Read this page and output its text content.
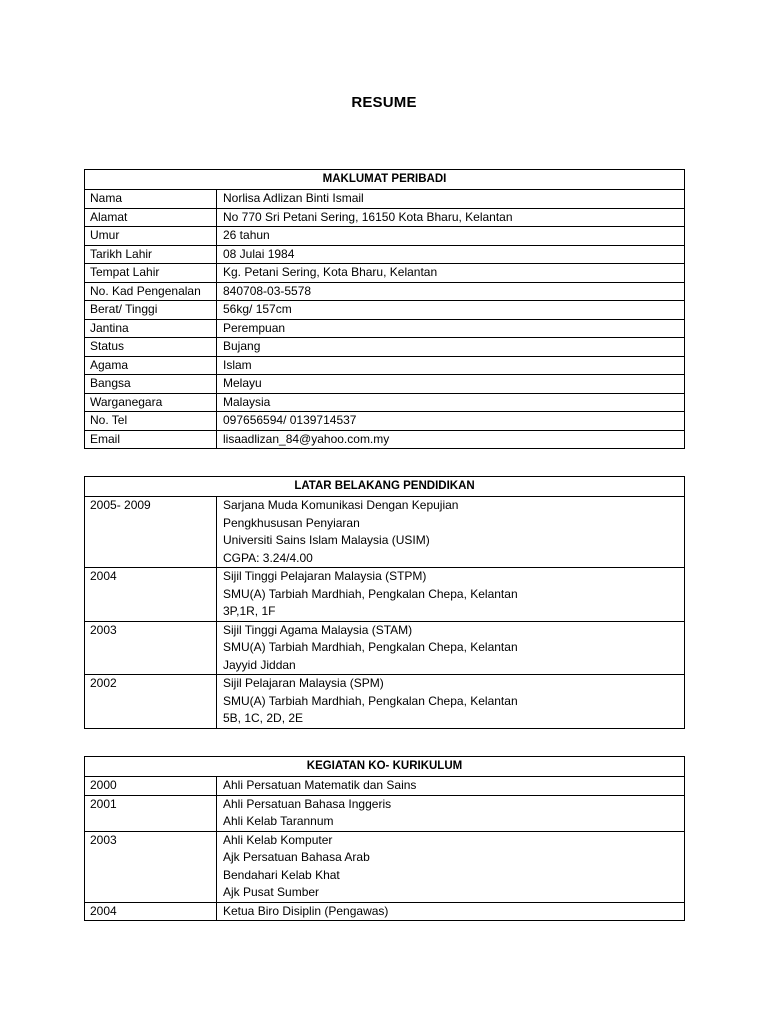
RESUME
MAKLUMAT PERIBADI	
Nama	Norlisa Adlizan Binti Ismail
Alamat	No 770 Sri Petani Sering, 16150 Kota Bharu, Kelantan
Umur	26 tahun
Tarikh Lahir	08 Julai 1984
Tempat Lahir	Kg. Petani Sering, Kota Bharu, Kelantan
No. Kad Pengenalan	840708-03-5578
Berat/ Tinggi	56kg/ 157cm
Jantina	Perempuan
Status	Bujang
Agama	Islam
Bangsa	Melayu
Warganegara	Malaysia
No. Tel	097656594/ 0139714537
Email	lisaadlizan_84@yahoo.com.my
LATAR BELAKANG PENDIDIKAN	
2005- 2009	Sarjana Muda Komunikasi Dengan Kepujian
Pengkhususan Penyiaran
Universiti Sains Islam Malaysia (USIM)
CGPA: 3.24/4.00

2004	Sijil Tinggi Pelajaran Malaysia (STPM)
SMU(A) Tarbiah Mardhiah, Pengkalan Chepa, Kelantan
3P,1R, 1F

2003	Sijil Tinggi Agama Malaysia (STAM)
SMU(A) Tarbiah Mardhiah, Pengkalan Chepa, Kelantan
Jayyid Jiddan

2002	Sijil Pelajaran Malaysia (SPM)
SMU(A) Tarbiah Mardhiah, Pengkalan Chepa, Kelantan
5B, 1C, 2D, 2E
KEGIATAN KO- KURIKULUM	
2000	Ahli Persatuan Matematik dan Sains

2001	Ahli Persatuan Bahasa Inggeris
Ahli Kelab Tarannum

2003	Ahli Kelab Komputer
Ajk Persatuan Bahasa Arab
Bendahari Kelab Khat
Ajk Pusat Sumber

2004	Ketua Biro Disiplin (Pengawas)
